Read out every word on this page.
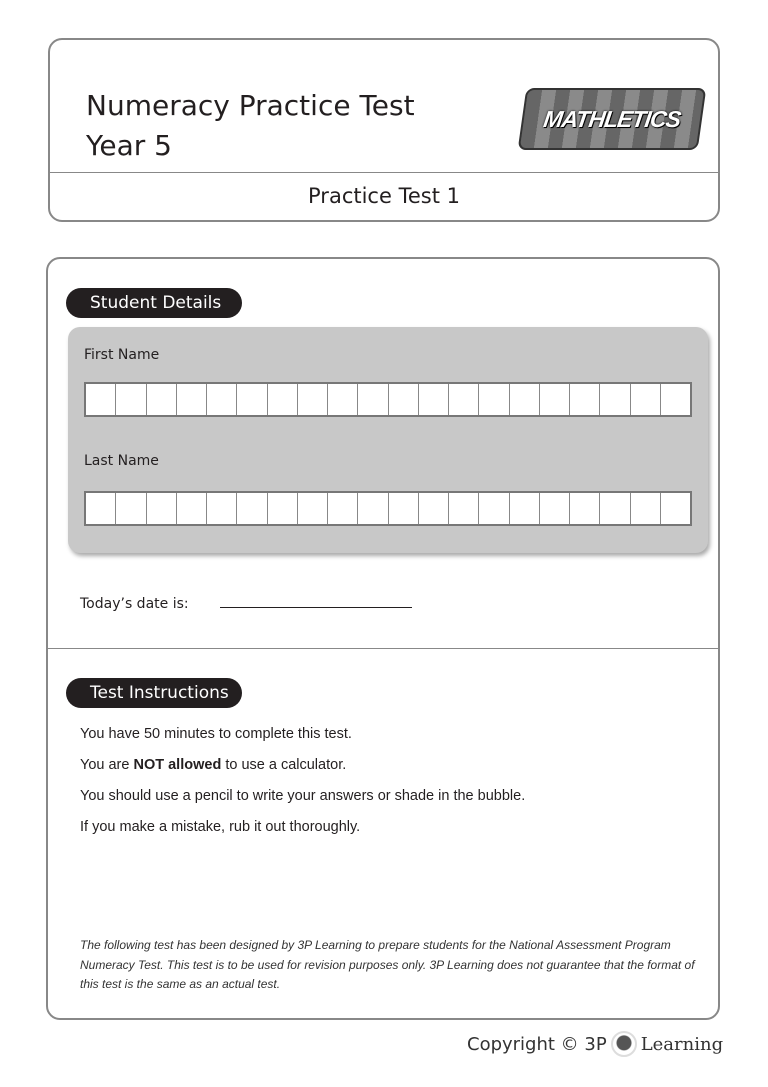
Numeracy Practice Test
Year 5
MATHLETICS
Practice Test 1
Student Details
First Name
Last Name
Today’s date is:
Test Instructions
You have 50 minutes to complete this test.
You are NOT allowed to use a calculator.
You should use a pencil to write your answers or shade in the bubble.
If you make a mistake, rub it out thoroughly.
The following test has been designed by 3P Learning to prepare students for the National Assessment Program Numeracy Test. This test is to be used for revision purposes only. 3P Learning does not guarantee that the format of this test is the same as an actual test.
Copyright © 3P Learning
